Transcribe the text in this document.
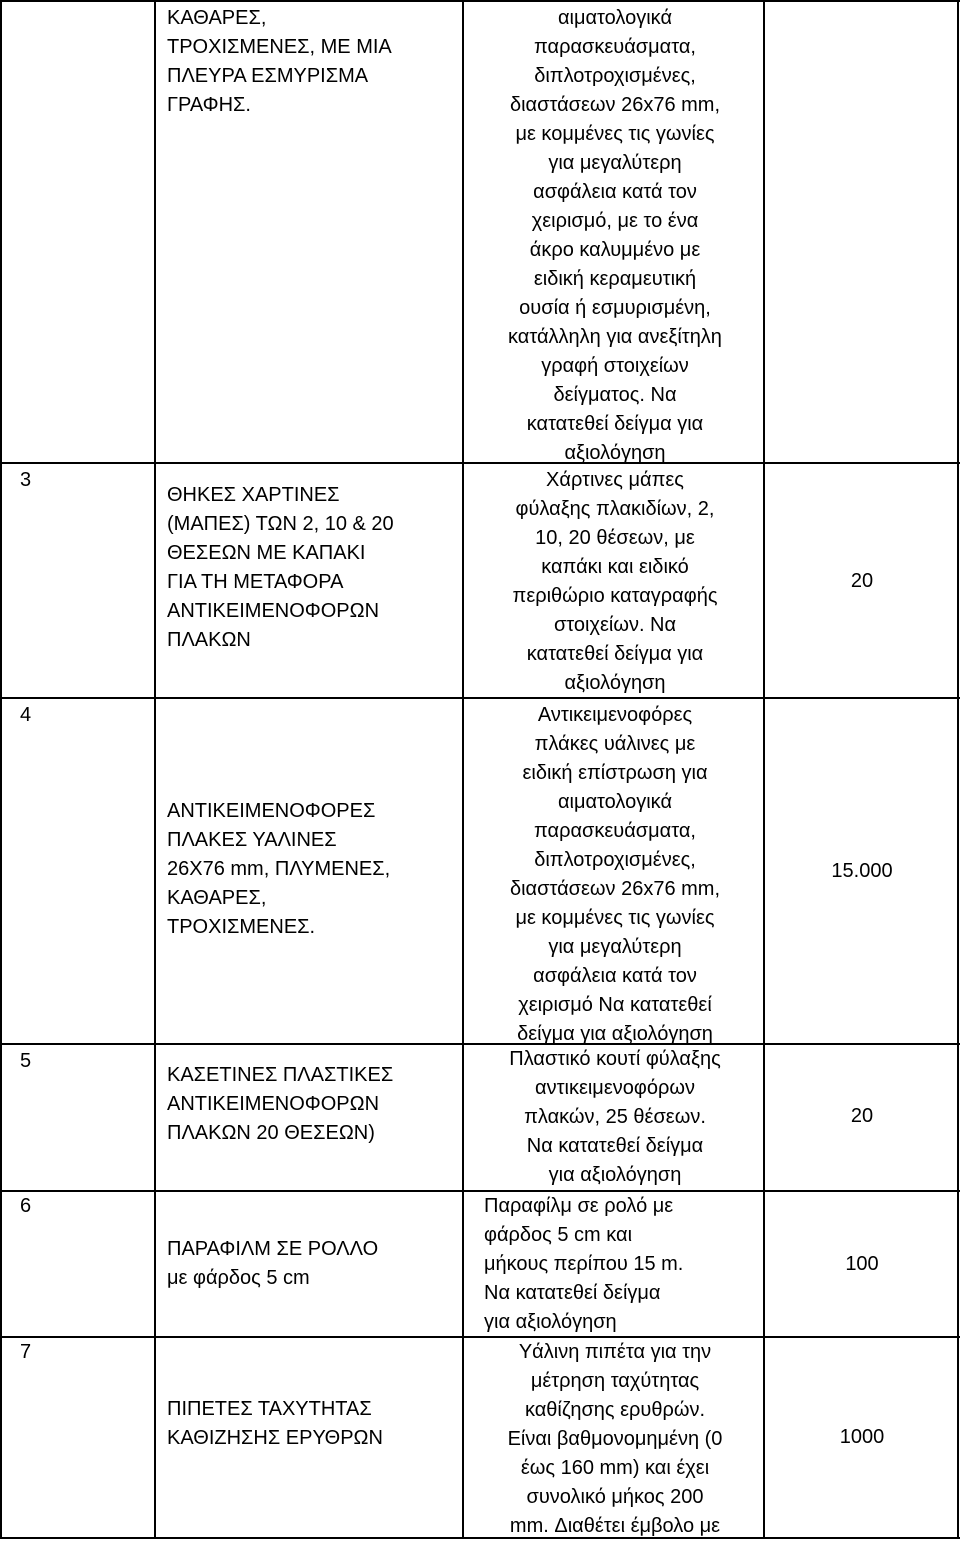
ΚΑΘΑΡΕΣ,
ΤΡΟΧΙΣΜΕΝΕΣ, ΜΕ ΜΙΑ
ΠΛΕΥΡΑ ΕΣΜΥΡΙΣΜΑ
ΓΡΑΦΗΣ.
αιματολογικά
παρασκευάσματα,
διπλοτροχισμένες,
διαστάσεων 26x76 mm,
με κομμένες τις γωνίες
για μεγαλύτερη
ασφάλεια κατά τον
χειρισμό, με το ένα
άκρο καλυμμένο με
ειδική κεραμευτική
ουσία ή εσμυρισμένη,
κατάλληλη για ανεξίτηλη
γραφή στοιχείων
δείγματος. Να
κατατεθεί δείγμα για
αξιολόγηση
3
ΘΗΚΕΣ ΧΑΡΤΙΝΕΣ
(ΜΑΠΕΣ) ΤΩΝ 2, 10 & 20
ΘΕΣΕΩΝ ΜΕ ΚΑΠΑΚΙ
ΓΙΑ ΤΗ ΜΕΤΑΦΟΡΑ
ΑΝΤΙΚΕΙΜΕΝΟΦΟΡΩΝ
ΠΛΑΚΩΝ
Χάρτινες μάπες
φύλαξης πλακιδίων, 2,
10, 20 θέσεων, με
καπάκι και ειδικό
περιθώριο καταγραφής
στοιχείων. Να
κατατεθεί δείγμα για
αξιολόγηση
20
4
ΑΝΤΙΚΕΙΜΕΝΟΦΟΡΕΣ
ΠΛΑΚΕΣ ΥΑΛΙΝΕΣ
26X76 mm, ΠΛΥΜΕΝΕΣ,
ΚΑΘΑΡΕΣ,
ΤΡΟΧΙΣΜΕΝΕΣ.
Αντικειμενοφόρες
πλάκες υάλινες με
ειδική επίστρωση για
αιματολογικά
παρασκευάσματα,
διπλοτροχισμένες,
διαστάσεων 26x76 mm,
με κομμένες τις γωνίες
για μεγαλύτερη
ασφάλεια κατά τον
χειρισμό Να κατατεθεί
δείγμα για αξιολόγηση
15.000
5
ΚΑΣΕΤΙΝΕΣ ΠΛΑΣΤΙΚΕΣ
ΑΝΤΙΚΕΙΜΕΝΟΦΟΡΩΝ
ΠΛΑΚΩΝ 20 ΘΕΣΕΩΝ)
Πλαστικό κουτί φύλαξης
αντικειμενοφόρων
πλακών, 25 θέσεων.
Να κατατεθεί δείγμα
για αξιολόγηση
20
6
ΠΑΡΑΦΙΛΜ ΣΕ ΡΟΛΛΟ
με φάρδος 5 cm
Παραφίλμ σε ρολό με
φάρδος 5 cm και
μήκους περίπου 15 m.
Να κατατεθεί δείγμα
για αξιολόγηση
100
7
ΠΙΠΕΤΕΣ ΤΑΧΥΤΗΤΑΣ
ΚΑΘΙΖΗΣΗΣ ΕΡΥΘΡΩΝ
Υάλινη πιπέτα για την
μέτρηση ταχύτητας
καθίζησης ερυθρών.
Είναι βαθμονομημένη (0
έως 160 mm) και έχει
συνολικό μήκος 200
mm. Διαθέτει έμβολο με
1000
